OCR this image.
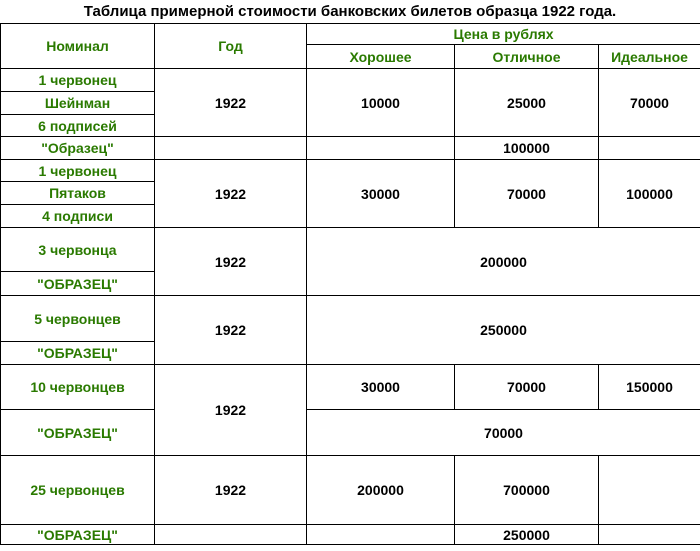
Таблица примерной стоимости банковских билетов образца 1922 года.
Номинал	Год	Цена в рублях		
		Хорошее	Отличное	Идеальное
1 червонец	1922	10000	25000	70000
Шейнман				
6 подписей				
"Образец"			100000	
1 червонец	1922	30000	70000	100000
Пятаков				
4 подписи				
3 червонца	1922	200000		
"ОБРАЗЕЦ"				
5 червонцев	1922	250000		
"ОБРАЗЕЦ"				
10 червонцев	1922	30000	70000	150000
"ОБРАЗЕЦ"		70000		
25 червонцев	1922	200000	700000	
"ОБРАЗЕЦ"			250000	
